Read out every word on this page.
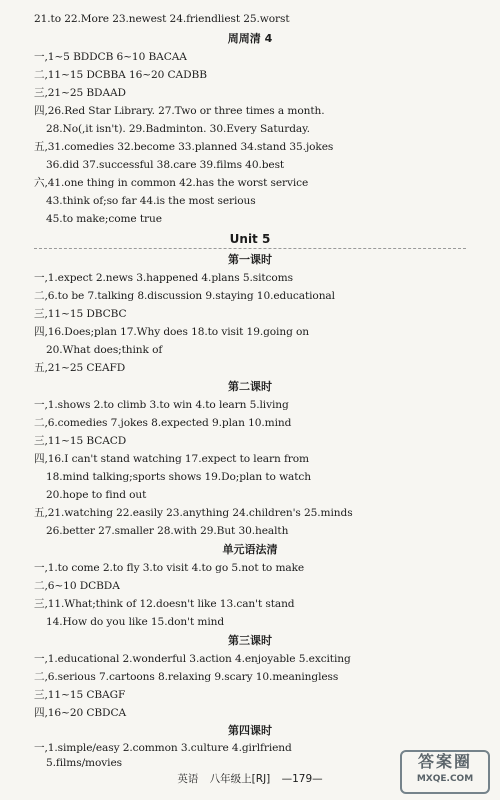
21.to 22.More 23.newest 24.friendliest 25.worst
周周清 4
一,1~5 BDDCB 6~10 BACAA
二,11~15 DCBBA 16~20 CADBB
三,21~25 BDAAD
四,26.Red Star Library. 27.Two or three times a month.
28.No(,it isn't). 29.Badminton. 30.Every Saturday.
五,31.comedies 32.become 33.planned 34.stand 35.jokes
36.did 37.successful 38.care 39.films 40.best
六,41.one thing in common 42.has the worst service
43.think of;so far 44.is the most serious
45.to make;come true
Unit 5
第一课时
一,1.expect 2.news 3.happened 4.plans 5.sitcoms
二,6.to be 7.talking 8.discussion 9.staying 10.educational
三,11~15 DBCBC
四,16.Does;plan 17.Why does 18.to visit 19.going on
20.What does;think of
五,21~25 CEAFD
第二课时
一,1.shows 2.to climb 3.to win 4.to learn 5.living
二,6.comedies 7.jokes 8.expected 9.plan 10.mind
三,11~15 BCACD
四,16.I can't stand watching 17.expect to learn from
18.mind talking;sports shows 19.Do;plan to watch
20.hope to find out
五,21.watching 22.easily 23.anything 24.children's 25.minds
26.better 27.smaller 28.with 29.But 30.health
单元语法清
一,1.to come 2.to fly 3.to visit 4.to go 5.not to make
二,6~10 DCBDA
三,11.What;think of 12.doesn't like 13.can't stand
14.How do you like 15.don't mind
第三课时
一,1.educational 2.wonderful 3.action 4.enjoyable 5.exciting
二,6.serious 7.cartoons 8.relaxing 9.scary 10.meaningless
三,11~15 CBAGF
四,16~20 CBDCA
第四课时
一,1.simple/easy 2.common 3.culture 4.girlfriend
5.films/movies
英语 八年级上[RJ] —179—
答案圈
MXQE.COM
